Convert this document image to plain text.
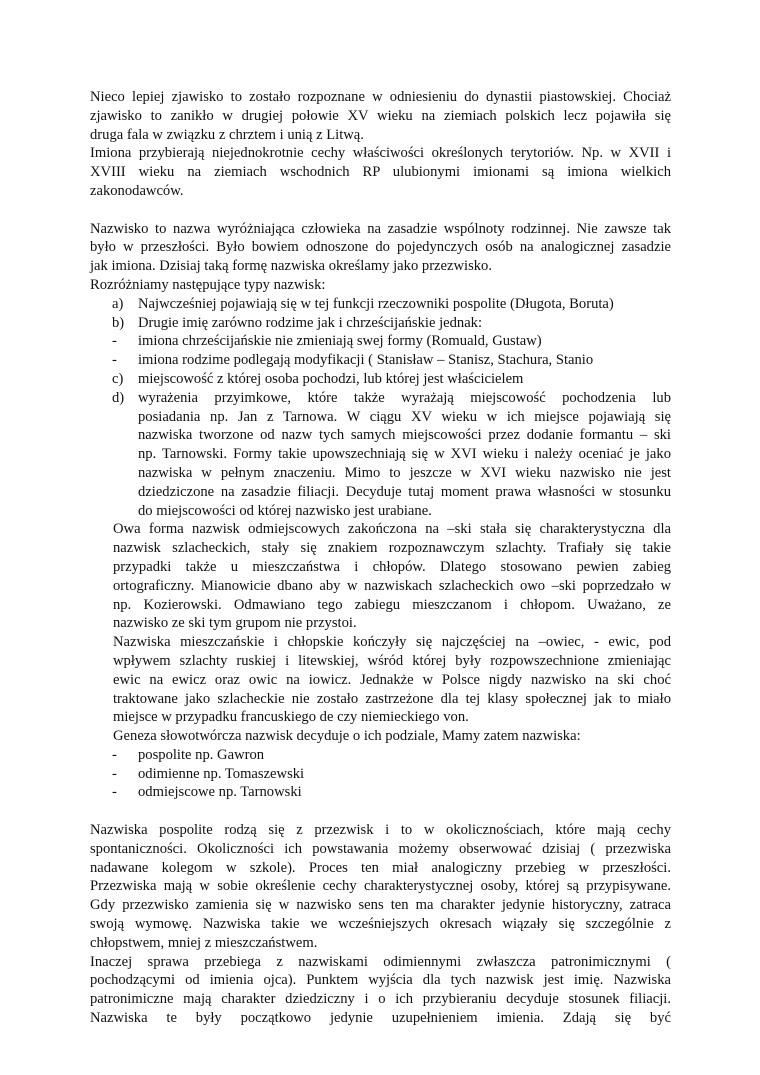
Nieco lepiej zjawisko to zostało rozpoznane w odniesieniu do dynastii piastowskiej. Chociaż
zjawisko to zanikło w drugiej połowie XV wieku na ziemiach polskich lecz pojawiła się
druga fala w związku z chrztem i unią z Litwą.
Imiona przybierają niejednokrotnie cechy właściwości określonych terytoriów. Np. w XVII i
XVIII wieku na ziemiach wschodnich RP ulubionymi imionami są imiona wielkich
zakonodawców.
Nazwisko to nazwa wyróżniająca człowieka na zasadzie wspólnoty rodzinnej. Nie zawsze tak
było w przeszłości. Było bowiem odnoszone do pojedynczych osób na analogicznej zasadzie
jak imiona. Dzisiaj taką formę nazwiska określamy jako przezwisko.
Rozróżniamy następujące typy nazwisk:
a) Najwcześniej pojawiają się w tej funkcji rzeczowniki pospolite (Długota, Boruta)
b) Drugie imię zarówno rodzime jak i chrześcijańskie jednak:
- imiona chrześcijańskie nie zmieniają swej formy (Romuald, Gustaw)
- imiona rodzime podlegają modyfikacji ( Stanisław – Stanisz, Stachura, Stanio
c) miejscowość z której osoba pochodzi, lub której jest właścicielem
d) wyrażenia przyimkowe, które także wyrażają miejscowość pochodzenia lub
posiadania np. Jan z Tarnowa. W ciągu XV wieku w ich miejsce pojawiają się
nazwiska tworzone od nazw tych samych miejscowości przez dodanie formantu – ski
np. Tarnowski. Formy takie upowszechniają się w XVI wieku i należy oceniać je jako
nazwiska w pełnym znaczeniu. Mimo to jeszcze w XVI wieku nazwisko nie jest
dziedziczone na zasadzie filiacji. Decyduje tutaj moment prawa własności w stosunku
do miejscowości od której nazwisko jest urabiane.
Owa forma nazwisk odmiejscowych zakończona na –ski stała się charakterystyczna dla
nazwisk szlacheckich, stały się znakiem rozpoznawczym szlachty. Trafiały się takie
przypadki także u mieszczaństwa i chłopów. Dlatego stosowano pewien zabieg
ortograficzny. Mianowicie dbano aby w nazwiskach szlacheckich owo –ski poprzedzało w
np. Kozierowski. Odmawiano tego zabiegu mieszczanom i chłopom. Uważano, ze
nazwisko ze ski tym grupom nie przystoi.
Nazwiska mieszczańskie i chłopskie kończyły się najczęściej na –owiec, - ewic, pod
wpływem szlachty ruskiej i litewskiej, wśród której były rozpowszechnione zmieniając
ewic na ewicz oraz owic na iowicz. Jednakże w Polsce nigdy nazwisko na ski choć
traktowane jako szlacheckie nie zostało zastrzeżone dla tej klasy społecznej jak to miało
miejsce w przypadku francuskiego de czy niemieckiego von.
Geneza słowotwórcza nazwisk decyduje o ich podziale, Mamy zatem nazwiska:
- pospolite np. Gawron
- odimienne np. Tomaszewski
- odmiejscowe np. Tarnowski
Nazwiska pospolite rodzą się z przezwisk i to w okolicznościach, które mają cechy
spontaniczności. Okoliczności ich powstawania możemy obserwować dzisiaj ( przezwiska
nadawane kolegom w szkole). Proces ten miał analogiczny przebieg w przeszłości.
Przezwiska mają w sobie określenie cechy charakterystycznej osoby, której są przypisywane.
Gdy przezwisko zamienia się w nazwisko sens ten ma charakter jedynie historyczny, zatraca
swoją wymowę. Nazwiska takie we wcześniejszych okresach wiązały się szczególnie z
chłopstwem, mniej z mieszczaństwem.
Inaczej sprawa przebiega z nazwiskami odimiennymi zwłaszcza patronimicznymi (
pochodzącymi od imienia ojca). Punktem wyjścia dla tych nazwisk jest imię. Nazwiska
patronimiczne mają charakter dziedziczny i o ich przybieraniu decyduje stosunek filiacji.
Nazwiska te były początkowo jedynie uzupełnieniem imienia. Zdają się być
